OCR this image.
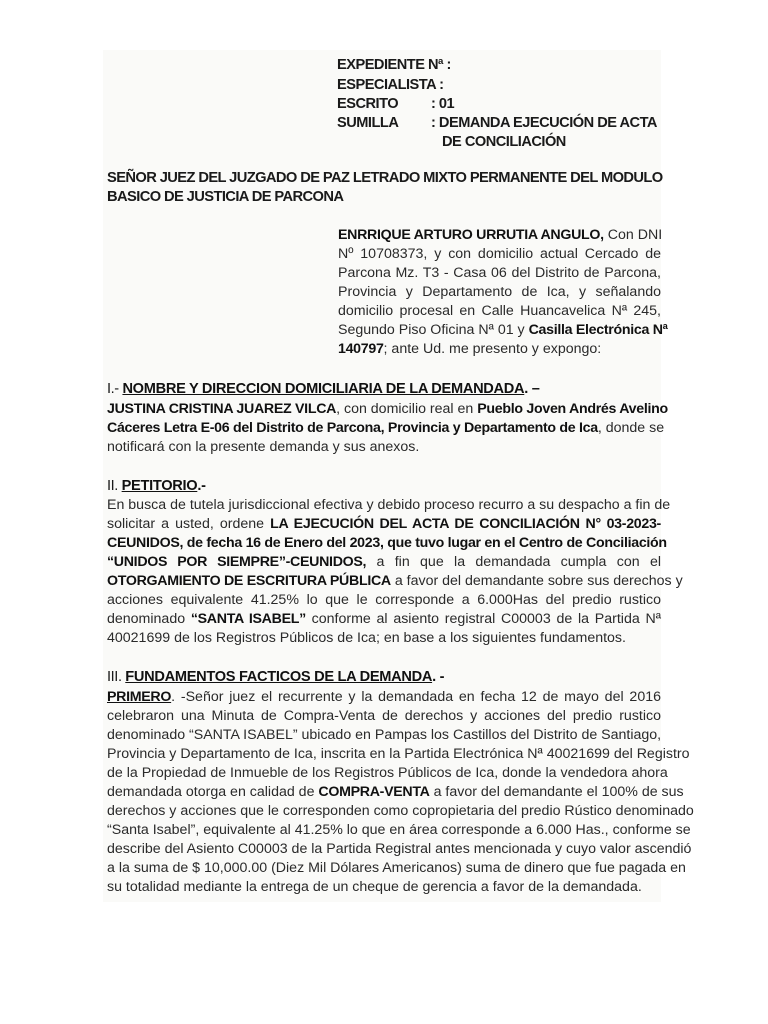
EXPEDIENTE Nª :
ESPECIALISTA :
ESCRITO : 01
SUMILLA : DEMANDA EJECUCIÓN DE ACTA
DE CONCILIACIÓN
SEÑOR JUEZ DEL JUZGADO DE PAZ LETRADO MIXTO PERMANENTE DEL MODULO
BASICO DE JUSTICIA DE PARCONA
ENRRIQUE ARTURO URRUTIA ANGULO, Con DNI
Nº 10708373, y con domicilio actual Cercado de
Parcona Mz. T3 - Casa 06 del Distrito de Parcona,
Provincia y Departamento de Ica, y señalando
domicilio procesal en Calle Huancavelica Nª 245,
Segundo Piso Oficina Nª 01 y Casilla Electrónica Nª
140797; ante Ud. me presento y expongo:
I.- NOMBRE Y DIRECCION DOMICILIARIA DE LA DEMANDADA. –
JUSTINA CRISTINA JUAREZ VILCA, con domicilio real en Pueblo Joven Andrés Avelino
Cáceres Letra E-06 del Distrito de Parcona, Provincia y Departamento de Ica, donde se
notificará con la presente demanda y sus anexos.
II. PETITORIO.-
En busca de tutela jurisdiccional efectiva y debido proceso recurro a su despacho a fin de
solicitar a usted, ordene LA EJECUCIÓN DEL ACTA DE CONCILIACIÓN N° 03-2023-
CEUNIDOS, de fecha 16 de Enero del 2023, que tuvo lugar en el Centro de Conciliación
“UNIDOS POR SIEMPRE”-CEUNIDOS, a fin que la demandada cumpla con el
OTORGAMIENTO DE ESCRITURA PÚBLICA a favor del demandante sobre sus derechos y
acciones equivalente 41.25% lo que le corresponde a 6.000Has del predio rustico
denominado “SANTA ISABEL” conforme al asiento registral C00003 de la Partida Nª
40021699 de los Registros Públicos de Ica; en base a los siguientes fundamentos.
III. FUNDAMENTOS FACTICOS DE LA DEMANDA. -
PRIMERO. -Señor juez el recurrente y la demandada en fecha 12 de mayo del 2016
celebraron una Minuta de Compra-Venta de derechos y acciones del predio rustico
denominado “SANTA ISABEL” ubicado en Pampas los Castillos del Distrito de Santiago,
Provincia y Departamento de Ica, inscrita en la Partida Electrónica Nª 40021699 del Registro
de la Propiedad de Inmueble de los Registros Públicos de Ica, donde la vendedora ahora
demandada otorga en calidad de COMPRA-VENTA a favor del demandante el 100% de sus
derechos y acciones que le corresponden como copropietaria del predio Rústico denominado
“Santa Isabel”, equivalente al 41.25% lo que en área corresponde a 6.000 Has., conforme se
describe del Asiento C00003 de la Partida Registral antes mencionada y cuyo valor ascendió
a la suma de $ 10,000.00 (Diez Mil Dólares Americanos) suma de dinero que fue pagada en
su totalidad mediante la entrega de un cheque de gerencia a favor de la demandada.
